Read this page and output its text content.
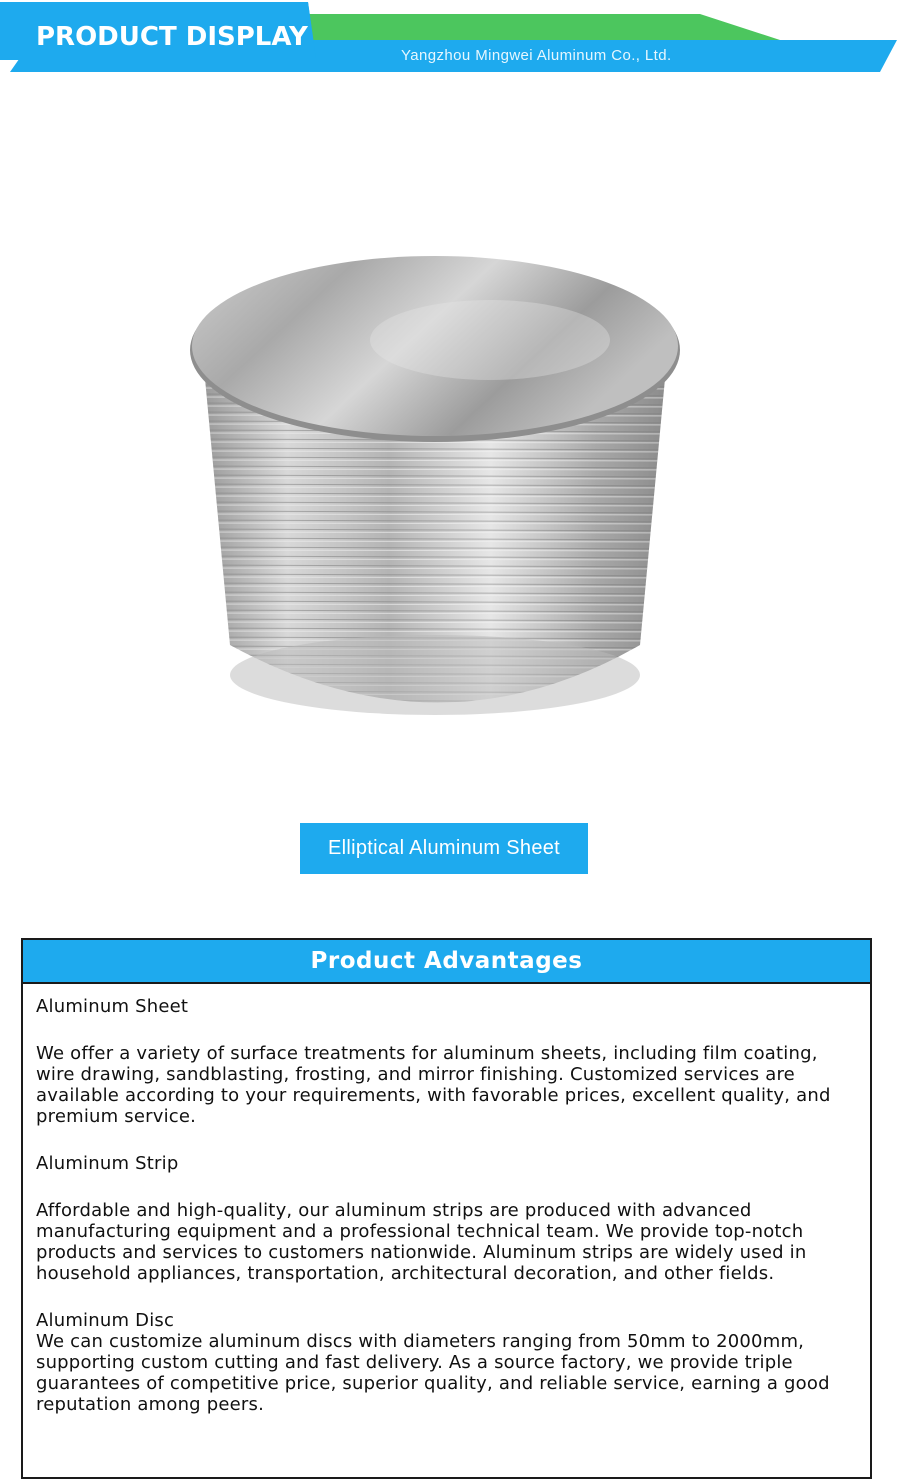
PRODUCT DISPLAY
Yangzhou Mingwei Aluminum Co., Ltd.
Elliptical Aluminum Sheet
Product Advantages

Aluminum Sheet

We offer a variety of surface treatments for aluminum sheets, including film coating, wire drawing, sandblasting, frosting, and mirror finishing. Customized services are available according to your requirements, with favorable prices, excellent quality, and premium service.

Aluminum Strip

Affordable and high-quality, our aluminum strips are produced with advanced manufacturing equipment and a professional technical team. We provide top-notch products and services to customers nationwide. Aluminum strips are widely used in household appliances, transportation, architectural decoration, and other fields.

Aluminum Disc

We can customize aluminum discs with diameters ranging from 50mm to 2000mm, supporting custom cutting and fast delivery. As a source factory, we provide triple guarantees of competitive price, superior quality, and reliable service, earning a good reputation among peers.
